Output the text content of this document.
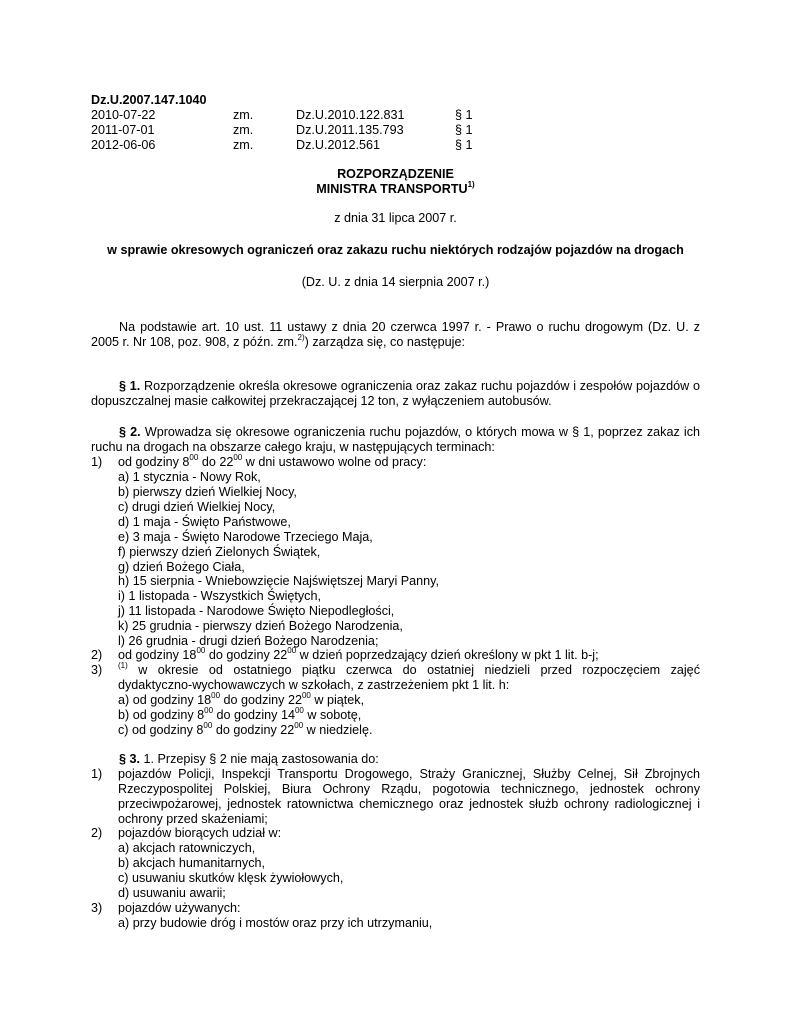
Dz.U.2007.147.1040
2010-07-22	zm.	Dz.U.2010.122.831	§ 1
2011-07-01	zm.	Dz.U.2011.135.793	§ 1
2012-06-06	zm.	Dz.U.2012.561	§ 1
ROZPORZĄDZENIE
MINISTRA TRANSPORTU$^{1)}$
z dnia 31 lipca 2007 r.
w sprawie okresowych ograniczeń oraz zakazu ruchu niektórych rodzajów pojazdów na drogach
(Dz. U. z dnia 14 sierpnia 2007 r.)
Na podstawie art. 10 ust. 11 ustawy z dnia 20 czerwca 1997 r. - Prawo o ruchu drogowym (Dz. U. z 2005 r. Nr 108, poz. 908, z późn. zm.$^{2)}$) zarządza się, co następuje:
§ 1. Rozporządzenie określa okresowe ograniczenia oraz zakaz ruchu pojazdów i zespołów pojazdów o dopuszczalnej masie całkowitej przekraczającej 12 ton, z wyłączeniem autobusów.
§ 2. Wprowadza się okresowe ograniczenia ruchu pojazdów, o których mowa w § 1, poprzez zakaz ich ruchu na drogach na obszarze całego kraju, w następujących terminach:
1) od godziny $8^{00}$ do $22^{00}$ w dni ustawowo wolne od pracy:
a) 1 stycznia - Nowy Rok,
b) pierwszy dzień Wielkiej Nocy,
c) drugi dzień Wielkiej Nocy,
d) 1 maja - Święto Państwowe,
e) 3 maja - Święto Narodowe Trzeciego Maja,
f) pierwszy dzień Zielonych Świątek,
g) dzień Bożego Ciała,
h) 15 sierpnia - Wniebowzięcie Najświętszej Maryi Panny,
i) 1 listopada - Wszystkich Świętych,
j) 11 listopada - Narodowe Święto Niepodległości,
k) 25 grudnia - pierwszy dzień Bożego Narodzenia,
l) 26 grudnia - drugi dzień Bożego Narodzenia;
2) od godziny $18^{00}$ do godziny $22^{00}$ w dzień poprzedzający dzień określony w pkt 1 lit. b-j;
3) $^{(1)}$ w okresie od ostatniego piątku czerwca do ostatniej niedzieli przed rozpoczęciem zajęć
dydaktyczno-wychowawczych w szkołach, z zastrzeżeniem pkt 1 lit. h:
a) od godziny $18^{00}$ do godziny $22^{00}$ w piątek,
b) od godziny $8^{00}$ do godziny $14^{00}$ w sobotę,
c) od godziny $8^{00}$ do godziny $22^{00}$ w niedzielę.
§ 3. 1. Przepisy § 2 nie mają zastosowania do:
1) pojazdów Policji, Inspekcji Transportu Drogowego, Straży Granicznej, Służby Celnej, Sił Zbrojnych Rzeczypospolitej Polskiej, Biura Ochrony Rządu, pogotowia technicznego, jednostek ochrony przeciwpożarowej, jednostek ratownictwa chemicznego oraz jednostek służb ochrony radiologicznej i ochrony przed skażeniami;
2) pojazdów biorących udział w:
a) akcjach ratowniczych,
b) akcjach humanitarnych,
c) usuwaniu skutków klęsk żywiołowych,
d) usuwaniu awarii;
3) pojazdów używanych:
a) przy budowie dróg i mostów oraz przy ich utrzymaniu,
